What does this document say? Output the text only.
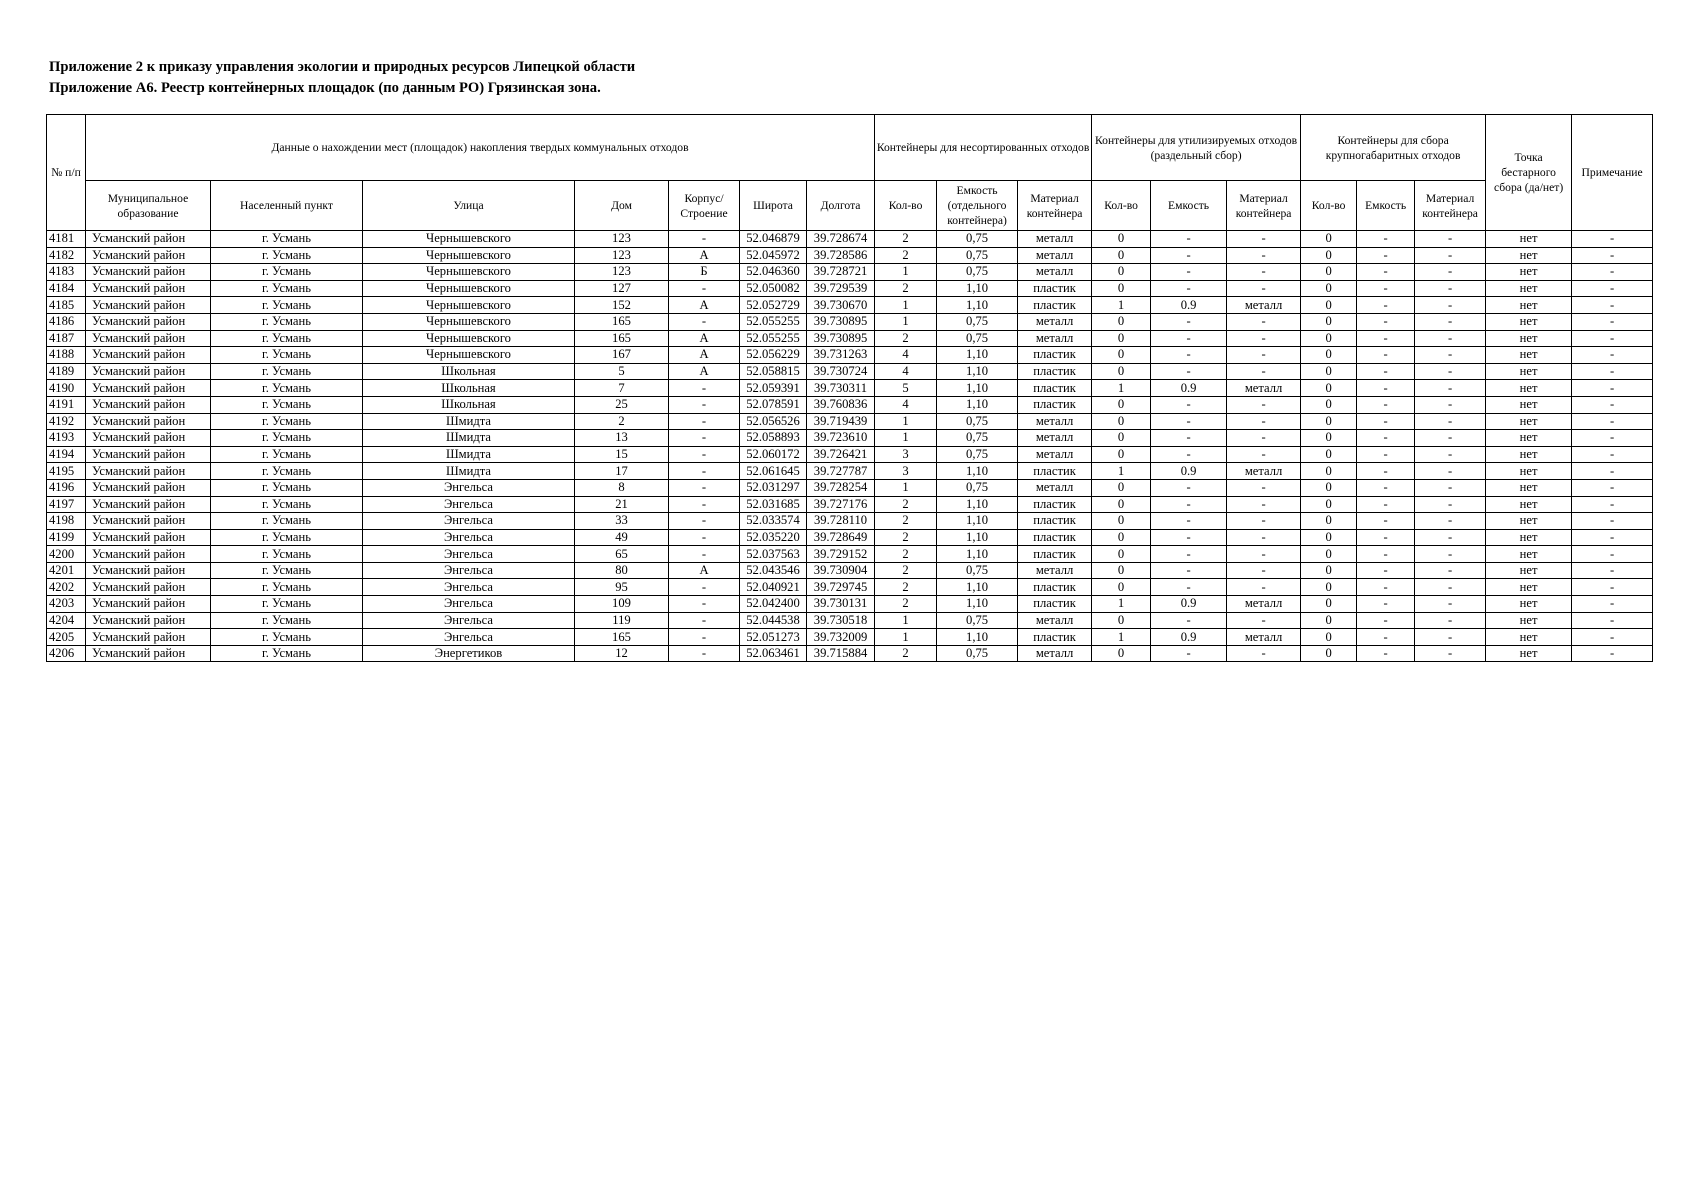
Приложение 2 к приказу управления экологии и природных ресурсов Липецкой области
Приложение А6. Реестр контейнерных площадок (по данным РО) Грязинская зона.
№ п/п	Данные о нахождении мест (площадок) накопления твердых коммунальных отходов							Контейнеры для несортированных отходов			Контейнеры для утилизируемых отходов (раздельный сбор)			Контейнеры для сбора крупногабаритных отходов			Точка бестарного сбора (да/нет)	Примечание
	Муниципальное образование	Населенный пункт	Улица	Дом	Корпус/ Строение	Широта	Долгота	Кол-во	Емкость (отдельного контейнера)	Материал контейнера	Кол-во	Емкость	Материал контейнера	Кол-во	Емкость	Материал контейнера		
4181	Усманский район	г. Усмань	Чернышевского	123	-	52.046879	39.728674	2	0,75	металл	0	-	-	0	-	-	нет	-
4182	Усманский район	г. Усмань	Чернышевского	123	А	52.045972	39.728586	2	0,75	металл	0	-	-	0	-	-	нет	-
4183	Усманский район	г. Усмань	Чернышевского	123	Б	52.046360	39.728721	1	0,75	металл	0	-	-	0	-	-	нет	-
4184	Усманский район	г. Усмань	Чернышевского	127	-	52.050082	39.729539	2	1,10	пластик	0	-	-	0	-	-	нет	-
4185	Усманский район	г. Усмань	Чернышевского	152	А	52.052729	39.730670	1	1,10	пластик	1	0.9	металл	0	-	-	нет	-
4186	Усманский район	г. Усмань	Чернышевского	165	-	52.055255	39.730895	1	0,75	металл	0	-	-	0	-	-	нет	-
4187	Усманский район	г. Усмань	Чернышевского	165	А	52.055255	39.730895	2	0,75	металл	0	-	-	0	-	-	нет	-
4188	Усманский район	г. Усмань	Чернышевского	167	А	52.056229	39.731263	4	1,10	пластик	0	-	-	0	-	-	нет	-
4189	Усманский район	г. Усмань	Школьная	5	А	52.058815	39.730724	4	1,10	пластик	0	-	-	0	-	-	нет	-
4190	Усманский район	г. Усмань	Школьная	7	-	52.059391	39.730311	5	1,10	пластик	1	0.9	металл	0	-	-	нет	-
4191	Усманский район	г. Усмань	Школьная	25	-	52.078591	39.760836	4	1,10	пластик	0	-	-	0	-	-	нет	-
4192	Усманский район	г. Усмань	Шмидта	2	-	52.056526	39.719439	1	0,75	металл	0	-	-	0	-	-	нет	-
4193	Усманский район	г. Усмань	Шмидта	13	-	52.058893	39.723610	1	0,75	металл	0	-	-	0	-	-	нет	-
4194	Усманский район	г. Усмань	Шмидта	15	-	52.060172	39.726421	3	0,75	металл	0	-	-	0	-	-	нет	-
4195	Усманский район	г. Усмань	Шмидта	17	-	52.061645	39.727787	3	1,10	пластик	1	0.9	металл	0	-	-	нет	-
4196	Усманский район	г. Усмань	Энгельса	8	-	52.031297	39.728254	1	0,75	металл	0	-	-	0	-	-	нет	-
4197	Усманский район	г. Усмань	Энгельса	21	-	52.031685	39.727176	2	1,10	пластик	0	-	-	0	-	-	нет	-
4198	Усманский район	г. Усмань	Энгельса	33	-	52.033574	39.728110	2	1,10	пластик	0	-	-	0	-	-	нет	-
4199	Усманский район	г. Усмань	Энгельса	49	-	52.035220	39.728649	2	1,10	пластик	0	-	-	0	-	-	нет	-
4200	Усманский район	г. Усмань	Энгельса	65	-	52.037563	39.729152	2	1,10	пластик	0	-	-	0	-	-	нет	-
4201	Усманский район	г. Усмань	Энгельса	80	А	52.043546	39.730904	2	0,75	металл	0	-	-	0	-	-	нет	-
4202	Усманский район	г. Усмань	Энгельса	95	-	52.040921	39.729745	2	1,10	пластик	0	-	-	0	-	-	нет	-
4203	Усманский район	г. Усмань	Энгельса	109	-	52.042400	39.730131	2	1,10	пластик	1	0.9	металл	0	-	-	нет	-
4204	Усманский район	г. Усмань	Энгельса	119	-	52.044538	39.730518	1	0,75	металл	0	-	-	0	-	-	нет	-
4205	Усманский район	г. Усмань	Энгельса	165	-	52.051273	39.732009	1	1,10	пластик	1	0.9	металл	0	-	-	нет	-
4206	Усманский район	г. Усмань	Энергетиков	12	-	52.063461	39.715884	2	0,75	металл	0	-	-	0	-	-	нет	-
